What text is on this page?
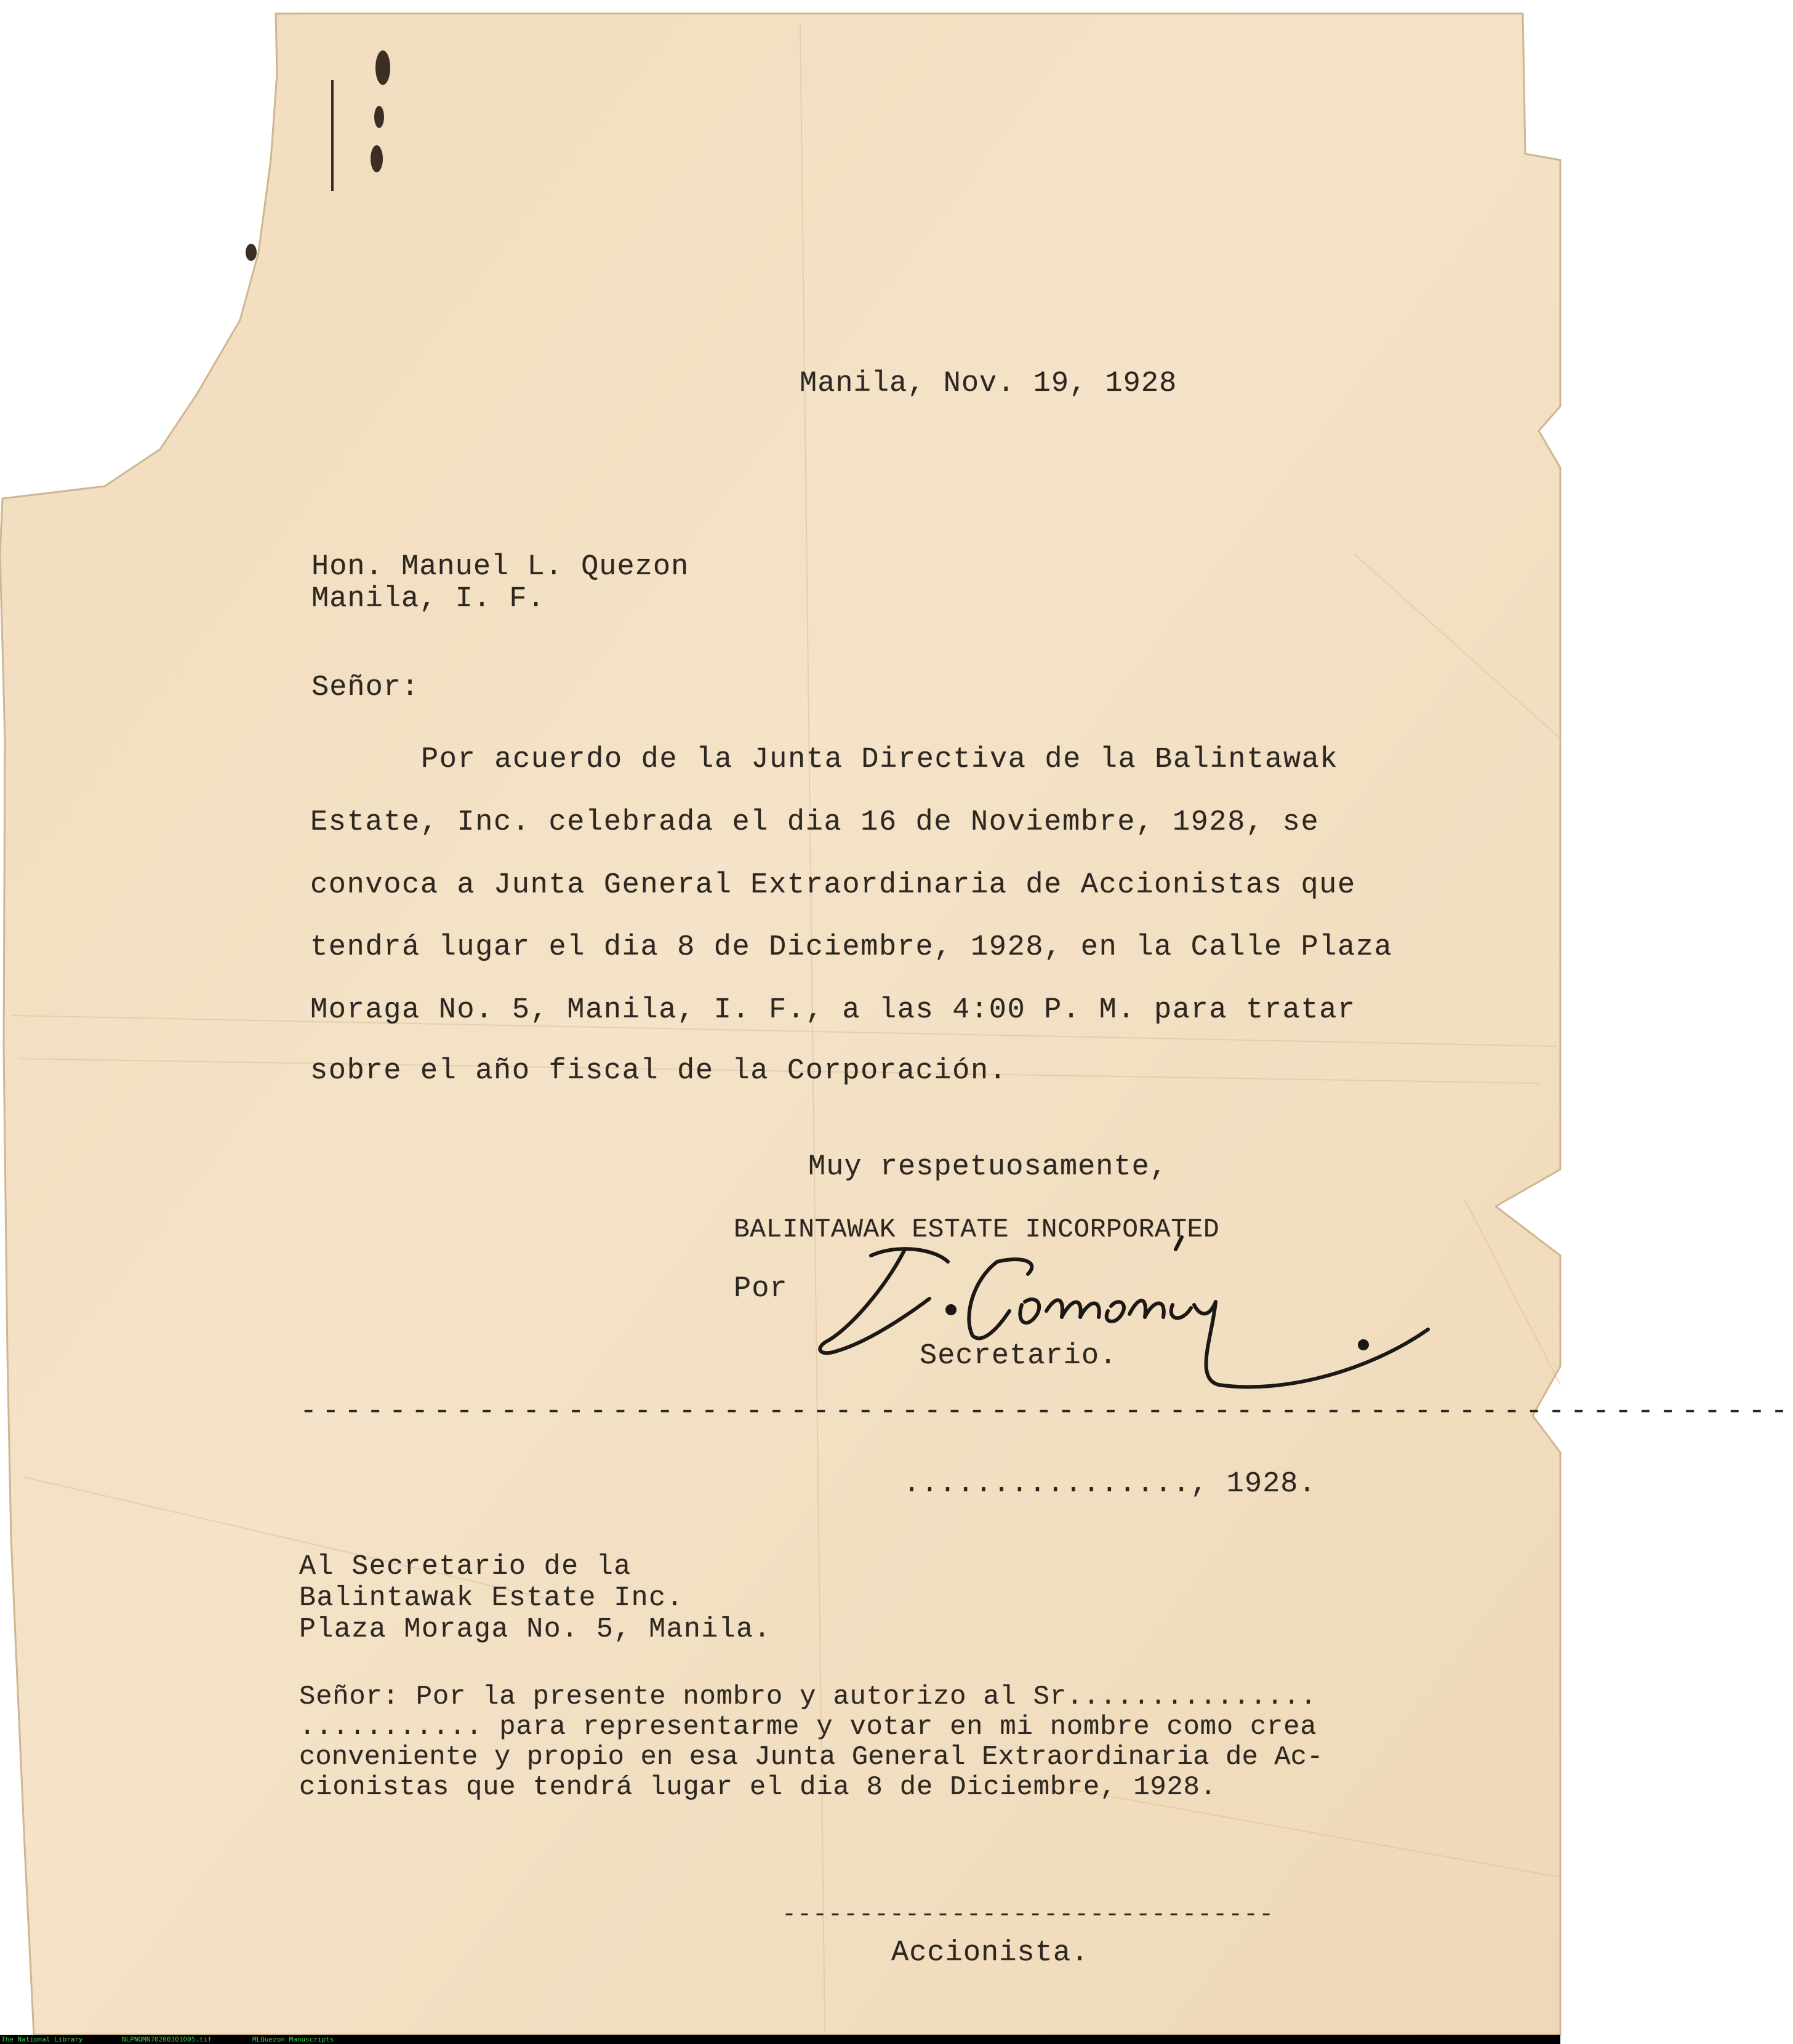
Manila, Nov. 19, 1928
Hon. Manuel L. Quezon
Manila, I. F.
Señor:
Por acuerdo de la Junta Directiva de la Balintawak
Estate, Inc. celebrada el dia 16 de Noviembre, 1928, se
convoca a Junta General Extraordinaria de Accionistas que
tendrá lugar el dia 8 de Diciembre, 1928, en la Calle Plaza
Moraga No. 5, Manila, I. F., a las 4:00 P. M. para tratar
sobre el año fiscal de la Corporación.
Muy respetuosamente,
BALINTAWAK ESTATE INCORPORATED
Por
Secretario.
-------------------------------------------------------------------
................, 1928.
Al Secretario de la
Balintawak Estate Inc.
Plaza Moraga No. 5, Manila.
Señor: Por la presente nombro y autorizo al Sr...............
........... para representarme y votar en mi nombre como crea
conveniente y propio en esa Junta General Extraordinaria de Ac-
cionistas que tendrá lugar el dia 8 de Diciembre, 1928.
--------------------------------
Accionista.
The National Library	NLPNQMN70200301005.tif	MLQuezon Manuscripts
